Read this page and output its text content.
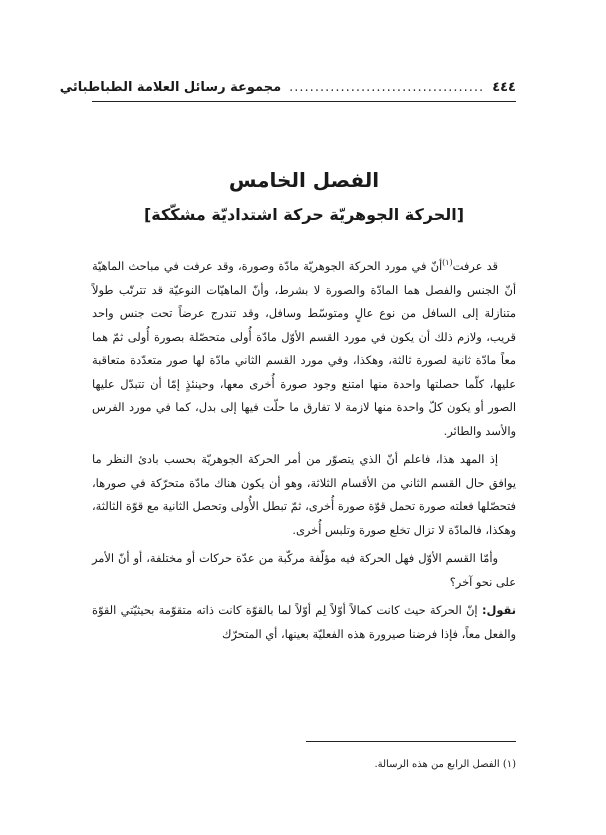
٤٤٤
......................................
مجموعة رسائل العلامة الطباطبائي
الفصل الخامس
[الحركة الجوهريّة حركة اشتداديّة مشكّكة]

قد عرفت$^{(١)}$أنّ في مورد الحركة الجوهريّة مادّة وصورة، وقد عرفت في مباحث الماهيّة أنّ الجنس والفصل هما المادّة والصورة لا بشرط، وأنّ الماهيّات النوعيّة قد تترتّب طولاً متنازلة إلى السافل من نوع عالٍ ومتوسّط وسافل، وقد تندرج عرضاً تحت جنس واحد قريب، ولازم ذلك أن يكون في مورد القسم الأوّل مادّة أُولى متحصّلة بصورة أُولى ثمّ هما معاً مادّة ثانية لصورة ثالثة، وهكذا، وفي مورد القسم الثاني مادّة لها صور متعدّدة متعاقبة عليها، كلّما حصلتها واحدة منها امتنع وجود صورة أُخرى معها، وحينئذٍ إمّا أن تتبدّل عليها الصور أو يكون كلّ واحدة منها لازمة لا تفارق ما حلّت فيها إلى بدل، كما في مورد الفرس والأسد والطائر.

إذ المهد هذا، فاعلم أنّ الذي يتصوّر من أمر الحركة الجوهريّة بحسب بادئ النظر ما يوافق حال القسم الثاني من الأقسام الثلاثة، وهو أن يكون هناك مادّة متحرّكة في صورها، فتحصّلها فعلته صورة تحمل قوّة صورة أُخرى، ثمّ تبطل الأُولى وتحصل الثانية مع قوّة الثالثة، وهكذا، فالمادّة لا تزال تخلع صورة وتلبس أُخرى.

وأمّا القسم الأوّل فهل الحركة فيه مؤلّفة مركّبة من عدّة حركات أو مختلفة، أو أنّ الأمر على نحو آخر؟

نقول: إنّ الحركة حيث كانت كمالاً أوّلاً لِم أوّلاً لما بالقوّة كانت ذاته متقوّمة بحيثيّتي القوّة والفعل معاً، فإذا فرضنا صيرورة هذه الفعليّة بعينها، أي المتحرّك

(١) الفصل الرابع من هذه الرسالة.
